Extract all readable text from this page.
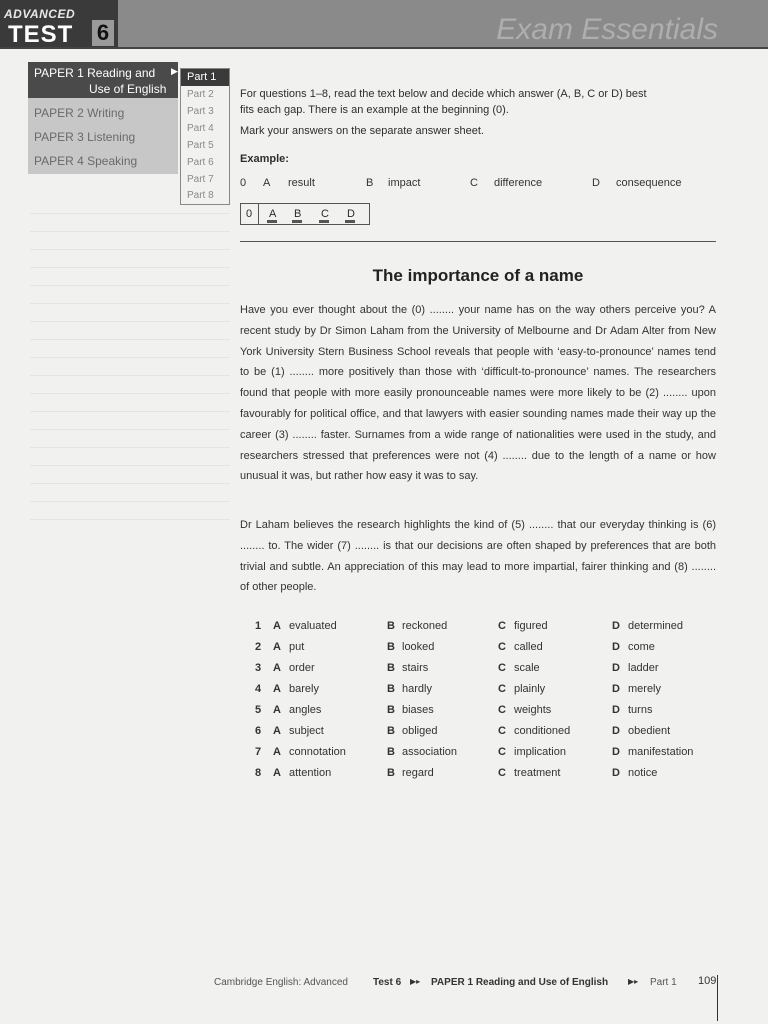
ADVANCED
TEST 6	Exam Essentials
PAPER 1 Reading and
Use of English
▶
PAPER 2 Writing
PAPER 3 Listening
PAPER 4 Speaking
Part 1
Part 2
Part 3
Part 4
Part 5
Part 6
Part 7
Part 8
For questions 1–8, read the text below and decide which answer (A, B, C or D) best
fits each gap. There is an example at the beginning (0).
Mark your answers on the separate answer sheet.
Example:
0 A result	B impact	C difference	D consequence
0 A B C D
The importance of a name

Have you ever thought about the (0) ........ your name has on the way others perceive you? A recent study by Dr Simon Laham from the University of Melbourne and Dr Adam Alter from New York University Stern Business School reveals that people with ‘easy-to-pronounce’ names tend to be (1) ........ more positively than those with ‘difficult-to-pronounce’ names. The researchers found that people with more easily pronounceable names were more likely to be (2) ........ upon favourably for political office, and that lawyers with easier sounding names made their way up the career (3) ........ faster. Surnames from a wide range of nationalities were used in the study, and researchers stressed that preferences were not (4) ........ due to the length of a name or how unusual it was, but rather how easy it was to say.

Dr Laham believes the research highlights the kind of (5) ........ that our everyday thinking is (6) ........ to. The wider (7) ........ is that our decisions are often shaped by preferences that are both trivial and subtle. An appreciation of this may lead to more impartial, fairer thinking and (8) ........ of other people.

1 A evaluated	B reckoned	C figured	D determined
2 A put	B looked	C called	D come
3 A order	B stairs	C scale	D ladder
4 A barely	B hardly	C plainly	D merely
5 A angles	B biases	C weights	D turns
6 A subject	B obliged	C conditioned	D obedient
7 A connotation	B association	C implication	D manifestation
8 A attention	B regard	C treatment	D notice
Cambridge English: Advanced	Test 6 ▶▸ PAPER 1 Reading and Use of English ▶▸ Part 1 109
